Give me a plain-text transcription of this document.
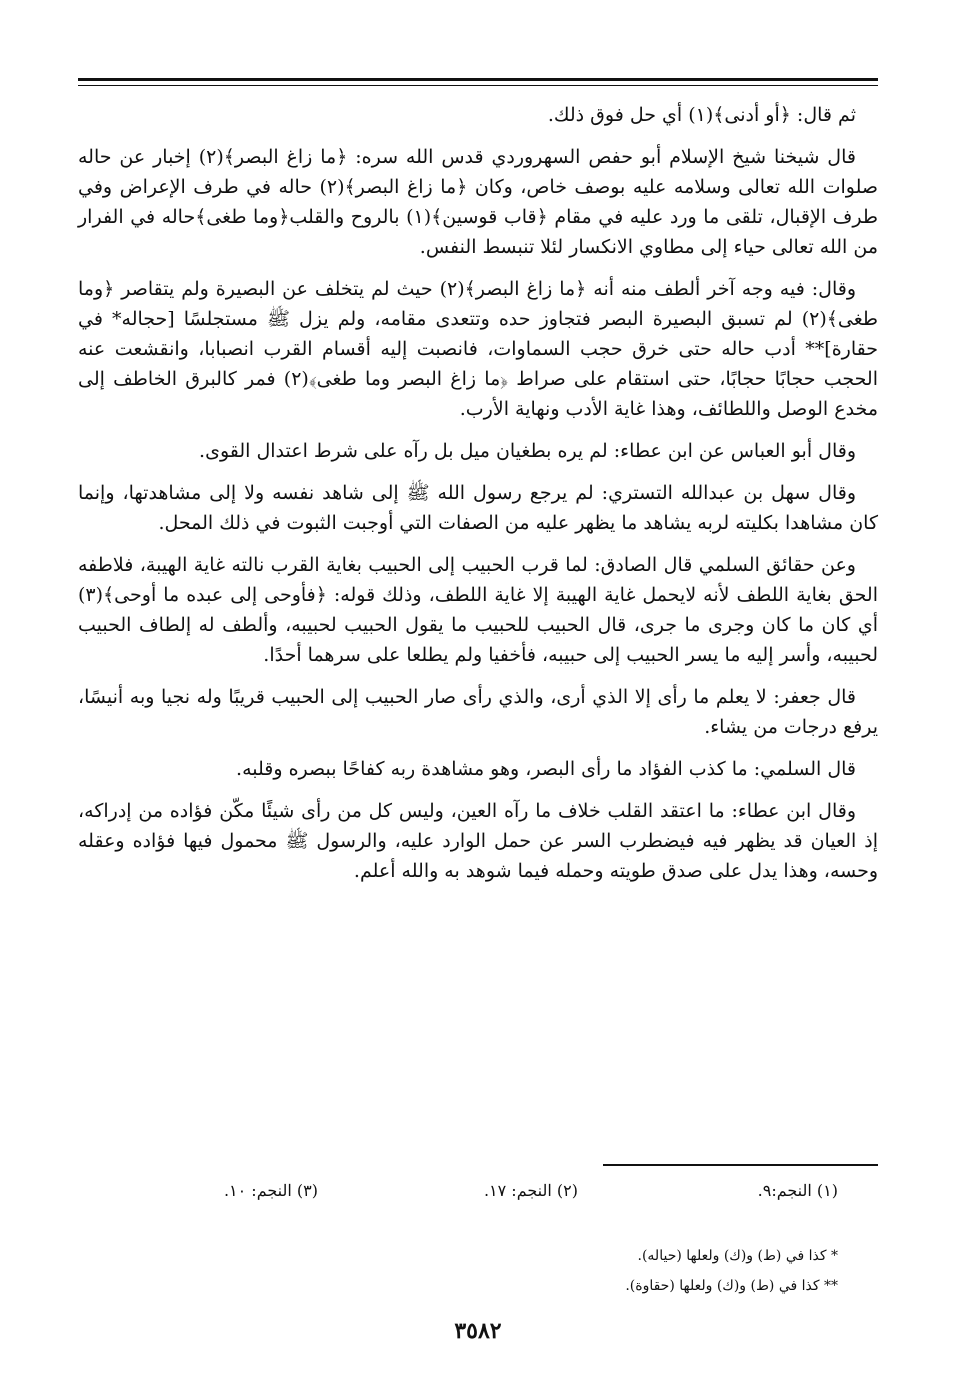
ثم قال: ﴿أو أدنى﴾(١) أي حل فوق ذلك.

قال شيخنا شيخ الإسلام أبو حفص السهروردي قدس الله سره: ﴿ما زاغ البصر﴾(٢) إخبار عن حاله صلوات الله تعالى وسلامه عليه بوصف خاص، وكان ﴿ما زاغ البصر﴾(٢) حاله في طرف الإعراض وفي طرف الإقبال، تلقى ما ورد عليه في مقام ﴿قاب قوسين﴾(١) بالروح والقلب﴿وما طغى﴾حاله في الفرار من الله تعالى حياء إلى مطاوي الانكسار لئلا تنبسط النفس.

وقال: فيه وجه آخر ألطف منه أنه ﴿ما زاغ البصر﴾(٢) حيث لم يتخلف عن البصيرة ولم يتقاصر ﴿وما طغى﴾(٢) لم تسبق البصيرة البصر فتجاوز حده وتتعدى مقامه، ولم يزل ﷺ مستجلسًا [حجاله* في حقارة]** أدب حاله حتى خرق حجب السماوات، فانصبت إليه أقسام القرب انصبابا، وانقشعت عنه الحجب حجابًا حجابًا، حتى استقام على صراط ﴿ما زاغ البصر وما طغى﴾(٢) فمر كالبرق الخاطف إلى مخدع الوصل واللطائف، وهذا غاية الأدب ونهاية الأرب.

وقال أبو العباس عن ابن عطاء: لم يره بطغيان ميل بل رآه على شرط اعتدال القوى.

وقال سهل بن عبدالله التستري: لم يرجع رسول الله ﷺ إلى شاهد نفسه ولا إلى مشاهدتها، وإنما كان مشاهدا بكليته لربه يشاهد ما يظهر عليه من الصفات التي أوجبت الثبوت في ذلك المحل.

وعن حقائق السلمي قال الصادق: لما قرب الحبيب إلى الحبيب بغاية القرب نالته غاية الهيبة، فلاطفه الحق بغاية اللطف لأنه لايحمل غاية الهيبة إلا غاية اللطف، وذلك قوله: ﴿فأوحى إلى عبده ما أوحى﴾(٣) أي كان ما كان وجرى ما جرى، قال الحبيب للحبيب ما يقول الحبيب لحبيبه، وألطف له إلطاف الحبيب لحبيبه، وأسر إليه ما يسر الحبيب إلى حبيبه، فأخفيا ولم يطلعا على سرهما أحدًا.

قال جعفر: لا يعلم ما رأى إلا الذي أرى، والذي رأى صار الحبيب إلى الحبيب قريبًا وله نجيا وبه أنيسًا، يرفع درجات من يشاء.

قال السلمي: ما كذب الفؤاد ما رأى البصر، وهو مشاهدة ربه كفاحًا ببصره وقلبه.

وقال ابن عطاء: ما اعتقد القلب خلاف ما رآه العين، وليس كل من رأى شيئًا مكّن فؤاده من إدراكه، إذ العيان قد يظهر فيه فيضطرب السر عن حمل الوارد عليه، والرسول ﷺ محمول فيها فؤاده وعقله وحسه، وهذا يدل على صدق طويته وحمله فيما شوهد به والله أعلم.

(١) النجم:٩.
(٢) النجم: ١٧.
(٣) النجم: ١٠.
* كذا في (ط) و(ك) ولعلها (حياله).
** كذا في (ط) و(ك) ولعلها (حقاوة).
٣٥٨٢
